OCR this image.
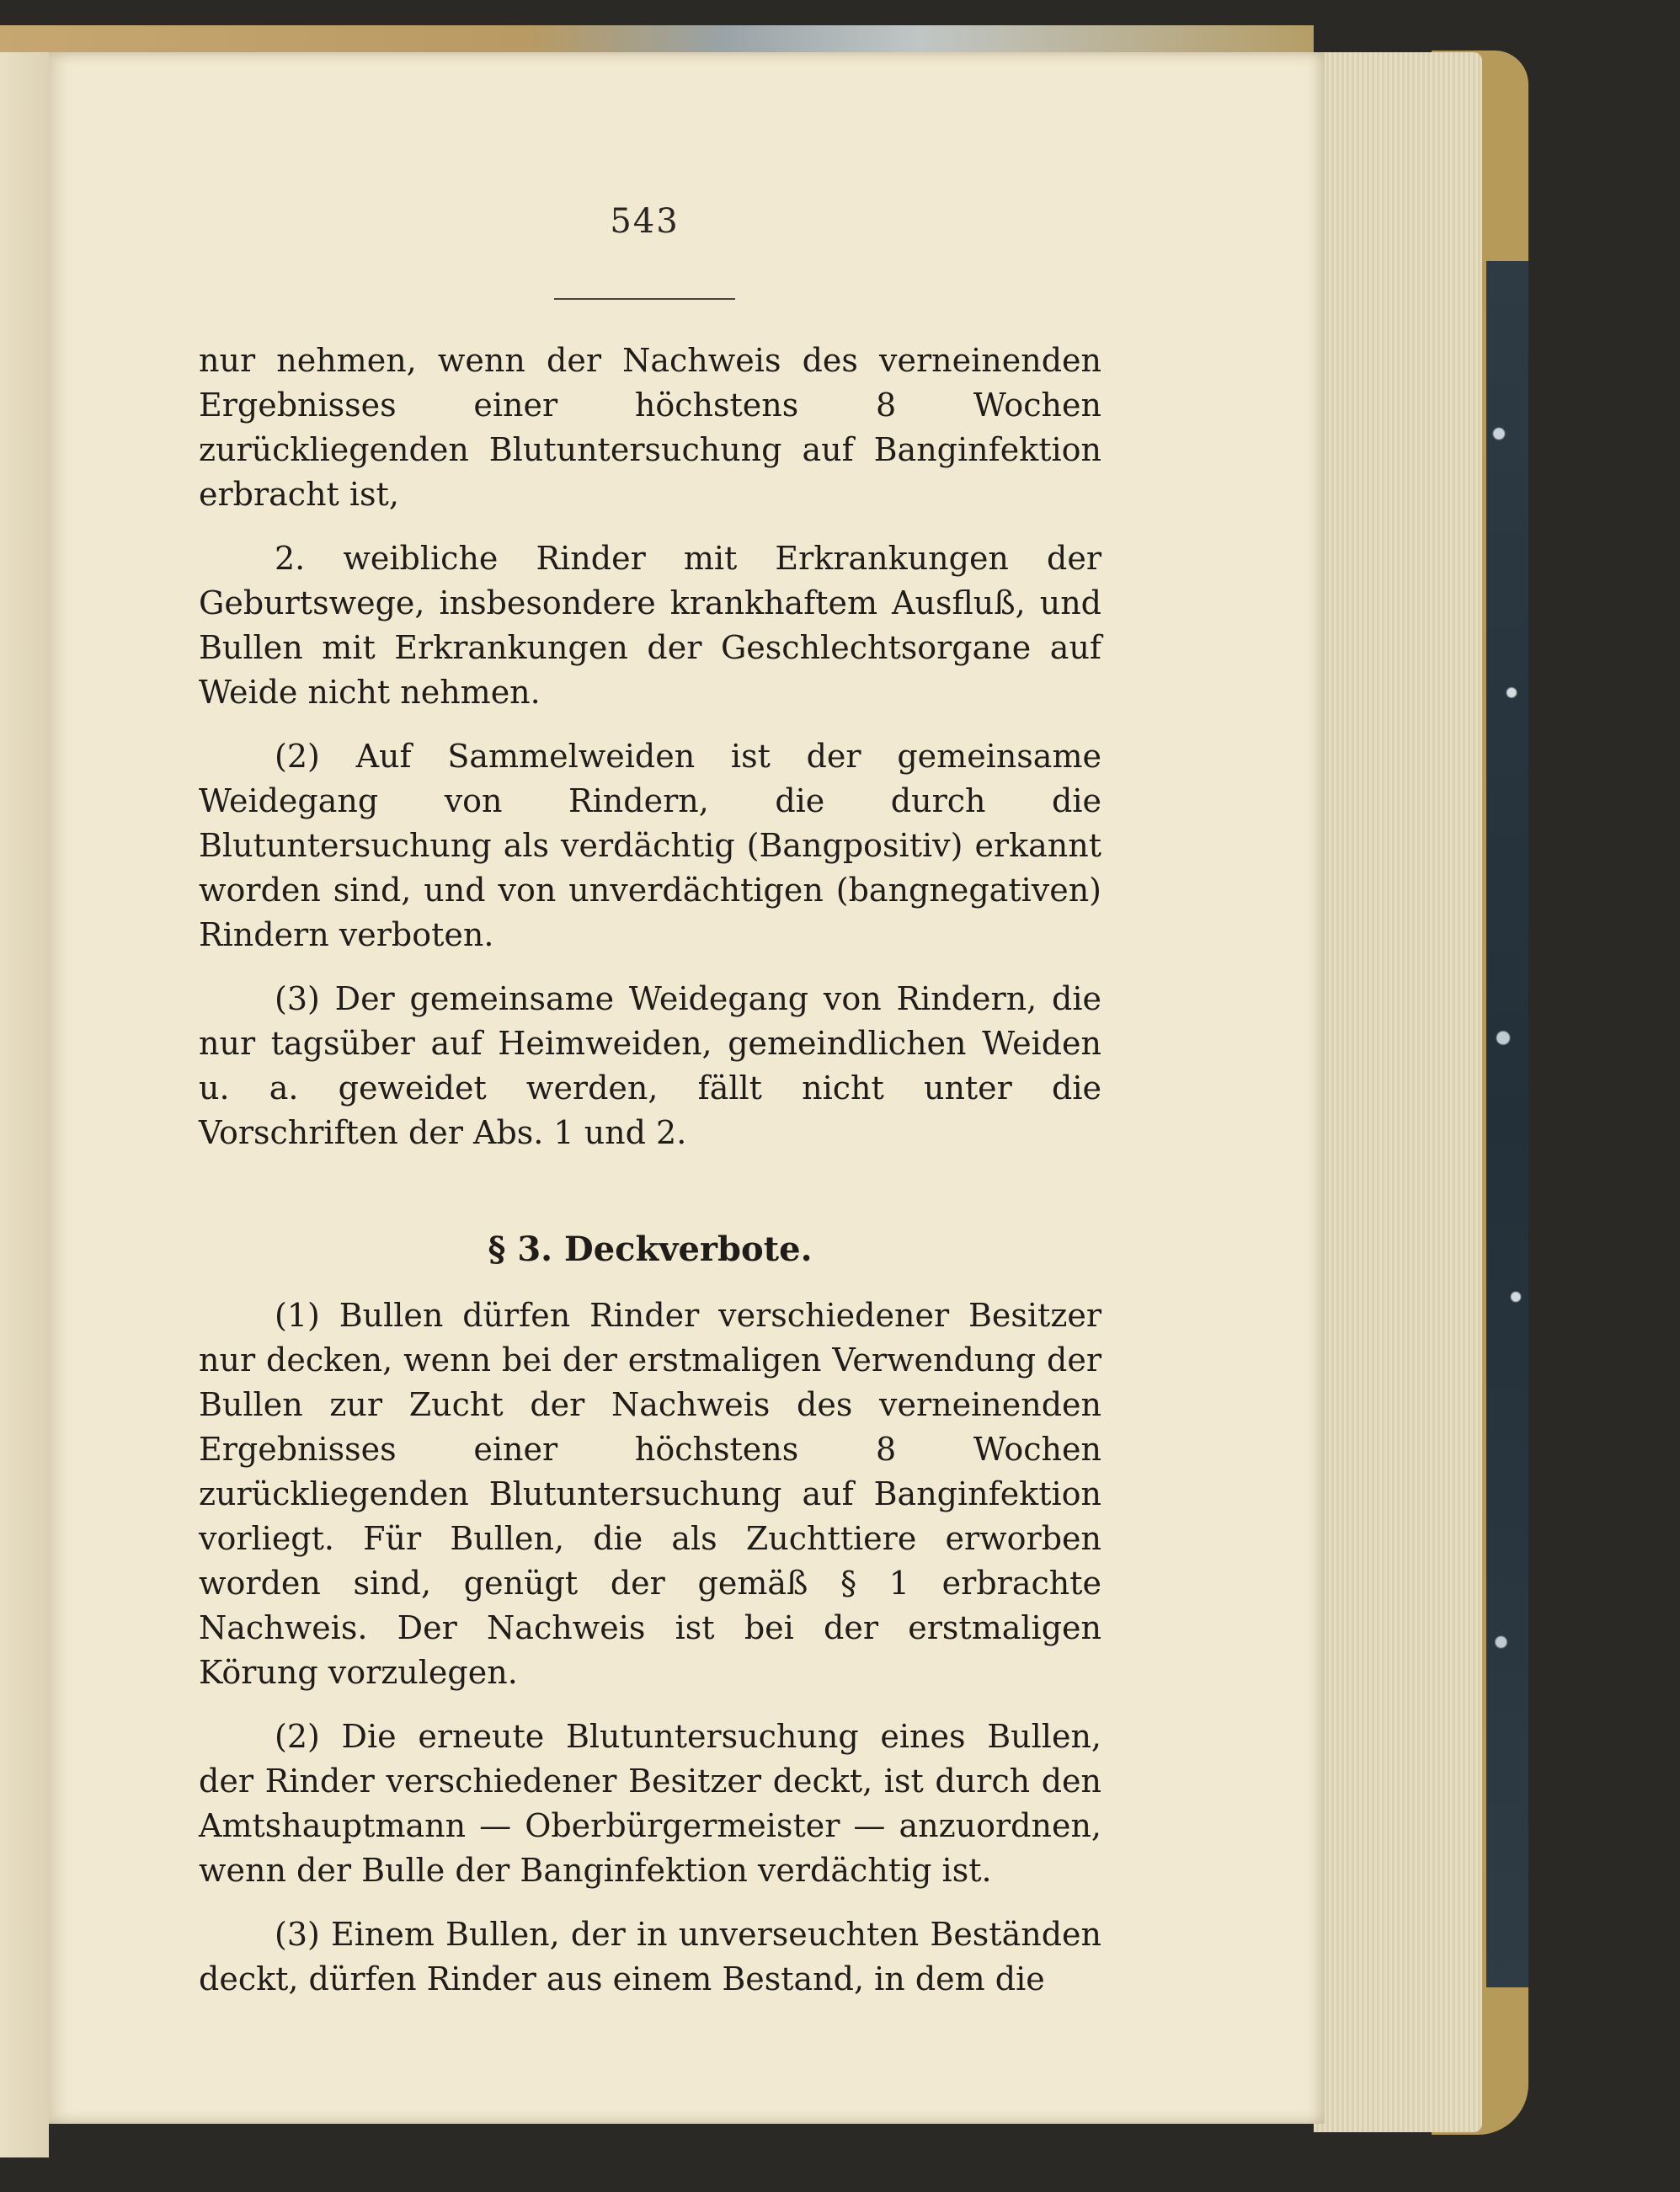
543

nur nehmen, wenn der Nachweis des verneinenden Ergebnisses einer höchstens 8 Wochen zurückliegenden Blutuntersuchung auf Banginfektion erbracht ist,

2. weibliche Rinder mit Erkrankungen der Geburtswege, insbesondere krankhaftem Ausfluß, und Bullen mit Erkrankungen der Geschlechtsorgane auf Weide nicht nehmen.

(2) Auf Sammelweiden ist der gemeinsame Weidegang von Rindern, die durch die Blutuntersuchung als verdächtig (Bangpositiv) erkannt worden sind, und von unverdächtigen (bangnegativen) Rindern verboten.

(3) Der gemeinsame Weidegang von Rindern, die nur tagsüber auf Heimweiden, gemeindlichen Weiden u. a. geweidet werden, fällt nicht unter die Vorschriften der Abs. 1 und 2.

§ 3. Deckverbote.

(1) Bullen dürfen Rinder verschiedener Besitzer nur decken, wenn bei der erstmaligen Verwendung der Bullen zur Zucht der Nachweis des verneinenden Ergebnisses einer höchstens 8 Wochen zurückliegenden Blutuntersuchung auf Banginfektion vorliegt. Für Bullen, die als Zuchttiere erworben worden sind, genügt der gemäß § 1 erbrachte Nachweis. Der Nachweis ist bei der erstmaligen Körung vorzulegen.

(2) Die erneute Blutuntersuchung eines Bullen, der Rinder verschiedener Besitzer deckt, ist durch den Amtshauptmann — Oberbürgermeister — anzuordnen, wenn der Bulle der Banginfektion verdächtig ist.

(3) Einem Bullen, der in unverseuchten Beständen deckt, dürfen Rinder aus einem Bestand, in dem die
